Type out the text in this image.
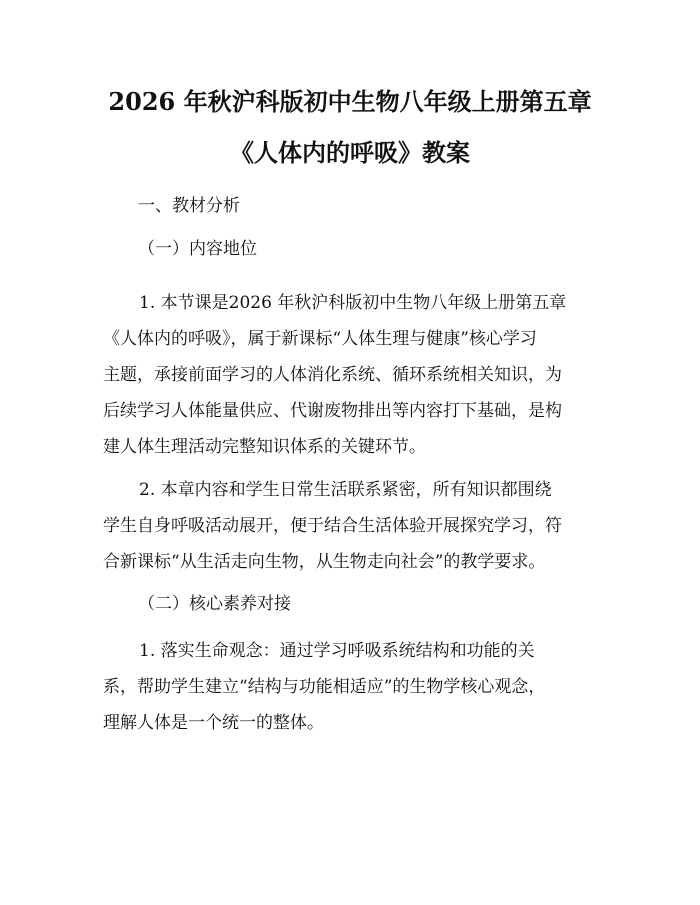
2026 年秋沪科版初中生物八年级上册第五章
《人体内的呼吸》教案
一、教材分析
（一）内容地位

1. 本节课是2026 年秋沪科版初中生物八年级上册第五章
《人体内的呼吸》，属于新课标“人体生理与健康”核心学习
主题，承接前面学习的人体消化系统、循环系统相关知识，为
后续学习人体能量供应、代谢废物排出等内容打下基础，是构
建人体生理活动完整知识体系的关键环节。

2. 本章内容和学生日常生活联系紧密，所有知识都围绕
学生自身呼吸活动展开，便于结合生活体验开展探究学习，符
合新课标“从生活走向生物，从生物走向社会”的教学要求。

（二）核心素养对接

1. 落实生命观念：通过学习呼吸系统结构和功能的关
系，帮助学生建立“结构与功能相适应”的生物学核心观念，
理解人体是一个统一的整体。
